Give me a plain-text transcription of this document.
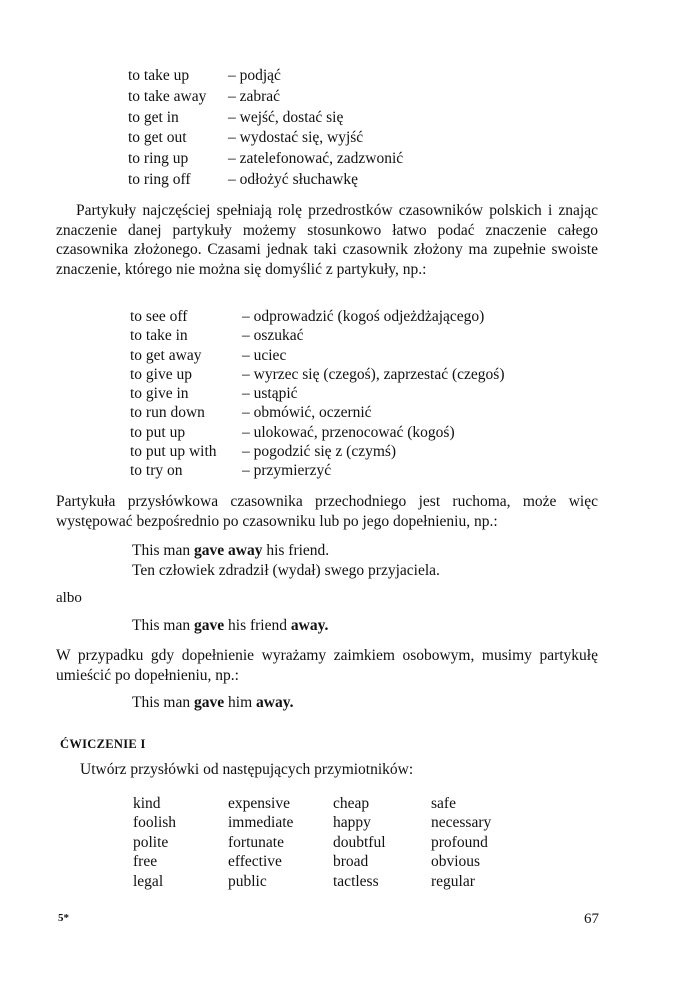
to take up	– podjąć
to take away	– zabrać
to get in	– wejść, dostać się
to get out	– wydostać się, wyjść
to ring up	– zatelefonować, zadzwonić
to ring off	– odłożyć słuchawkę
Partykuły najczęściej spełniają rolę przedrostków czasowników polskich i znając znaczenie danej partykuły możemy stosunkowo łatwo podać znaczenie całego czasownika złożonego. Czasami jednak taki czasownik złożony ma zupełnie swoiste znaczenie, którego nie można się domyślić z partykuły, np.:
to see off	– odprowadzić (kogoś odjeżdżającego)
to take in	– oszukać
to get away	– uciec
to give up	– wyrzec się (czegoś), zaprzestać (czegoś)
to give in	– ustąpić
to run down	– obmówić, oczernić
to put up	– ulokować, przenocować (kogoś)
to put up with	– pogodzić się z (czymś)
to try on	– przymierzyć
Partykuła przysłówkowa czasownika przechodniego jest ruchoma, może więc występować bezpośrednio po czasowniku lub po jego dopełnieniu, np.:
This man gave away his friend.
Ten człowiek zdradził (wydał) swego przyjaciela.
albo
This man gave his friend away.
W przypadku gdy dopełnienie wyrażamy zaimkiem osobowym, musimy partykułę umieścić po dopełnieniu, np.:
This man gave him away.
ĆWICZENIE I
Utwórz przysłówki od następujących przymiotników:
kind	expensive	cheap	safe
foolish	immediate	happy	necessary
polite	fortunate	doubtful	profound
free	effective	broad	obvious
legal	public	tactless	regular
5*	67
